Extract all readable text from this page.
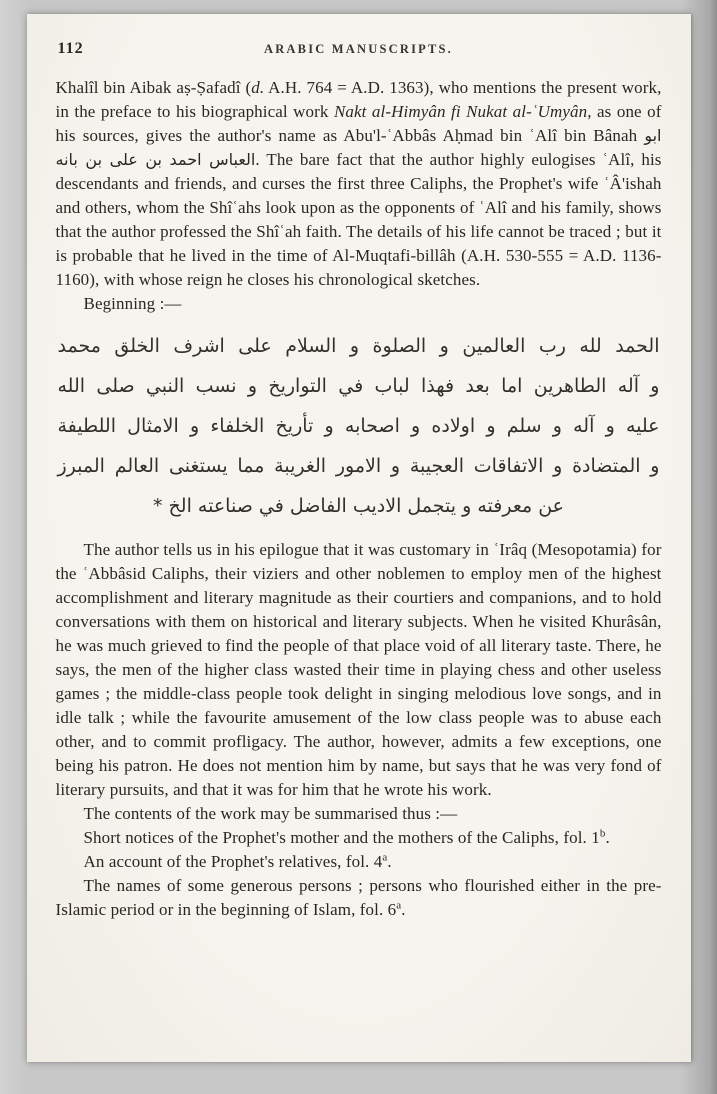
112	ARABIC MANUSCRIPTS.

Khalîl bin Aibak aṣ-Ṣafadî (d. A.H. 764 = A.D. 1363), who mentions the present work, in the preface to his biographical work Nakt al-Himyân fi Nukat al-ʿUmyân, as one of his sources, gives the author's name as Abu'l-ʿAbbâs Aḥmad bin ʿAlî bin Bânah ابو العباس احمد بن على بن بانه. The bare fact that the author highly eulogises ʿAlî, his descendants and friends, and curses the first three Caliphs, the Prophet's wife ʿÂ'ishah and others, whom the Shîʿahs look upon as the opponents of ʿAlî and his family, shows that the author professed the Shîʿah faith. The details of his life cannot be traced ; but it is probable that he lived in the time of Al-Muqtafi-billâh (A.H. 530-555 = A.D. 1136-1160), with whose reign he closes his chronological sketches.

Beginning :—

الحمد لله رب العالمين و الصلوة و السلام على اشرف الخلق محمد
و آله الطاهرين اما بعد فهذا لباب في التواريخ و نسب النبي صلى الله
عليه و آله و سلم و اولاده و اصحابه و تأريخ الخلفاء و الامثال اللطيفة
و المتضادة و الاتفاقات العجيبة و الامور الغريبة مما يستغنى العالم المبرز
عن معرفته و يتجمل الاديب الفاضل في صناعته الخ *

The author tells us in his epilogue that it was customary in ʿIrâq (Mesopotamia) for the ʿAbbâsid Caliphs, their viziers and other noblemen to employ men of the highest accomplishment and literary magnitude as their courtiers and companions, and to hold conversations with them on historical and literary subjects. When he visited Khurâsân, he was much grieved to find the people of that place void of all literary taste. There, he says, the men of the higher class wasted their time in playing chess and other useless games ; the middle-class people took delight in singing melodious love songs, and in idle talk ; while the favourite amusement of the low class people was to abuse each other, and to commit profligacy. The author, however, admits a few exceptions, one being his patron. He does not mention him by name, but says that he was very fond of literary pursuits, and that it was for him that he wrote his work.

The contents of the work may be summarised thus :—

Short notices of the Prophet's mother and the mothers of the Caliphs, fol. 1$^b$.

An account of the Prophet's relatives, fol. 4$^a$.

The names of some generous persons ; persons who flourished either in the pre-Islamic period or in the beginning of Islam, fol. 6$^a$.
